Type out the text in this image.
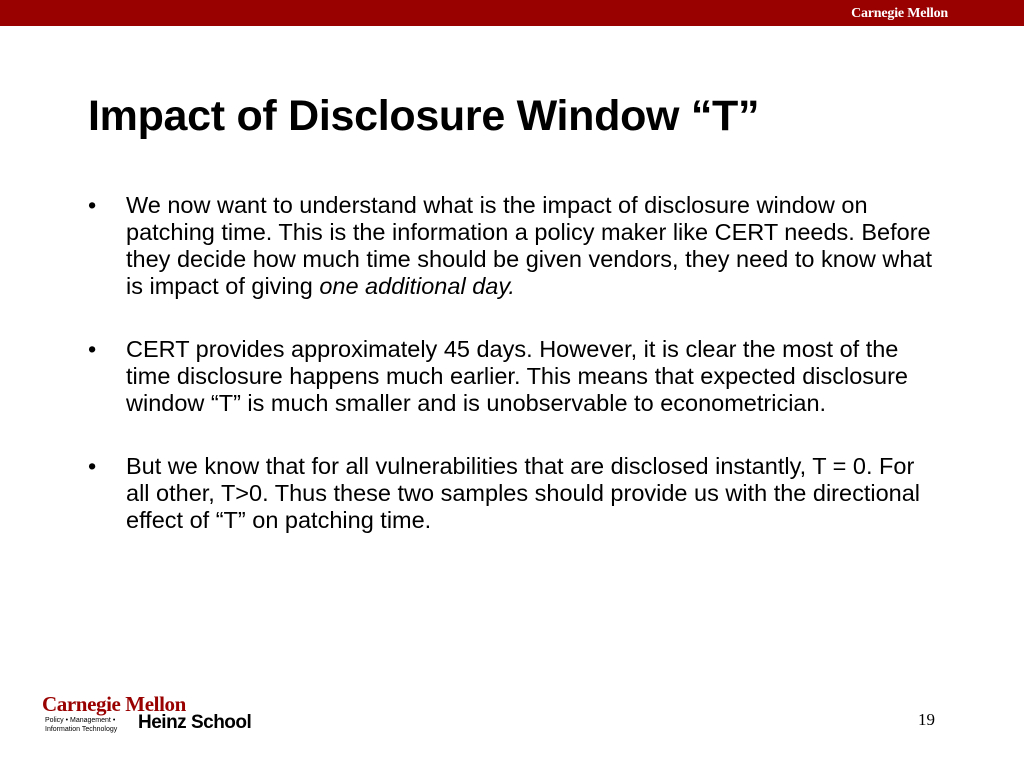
Carnegie Mellon
Impact of Disclosure Window “T”
•	We now want to understand what is the impact of disclosure window on patching time. This is the information a policy maker like CERT needs. Before they decide how much time should be given vendors, they need to know what is impact of giving one additional day.
•	CERT provides approximately 45 days. However, it is clear the most of the time disclosure happens much earlier. This means that expected disclosure window “T” is much smaller and is unobservable to econometrician.
•	But we know that for all vulnerabilities that are disclosed instantly, T = 0. For all other, T>0. Thus these two samples should provide us with the directional effect of “T” on patching time.
Carnegie Mellon
Policy • Management •
Information Technology Heinz School	19
